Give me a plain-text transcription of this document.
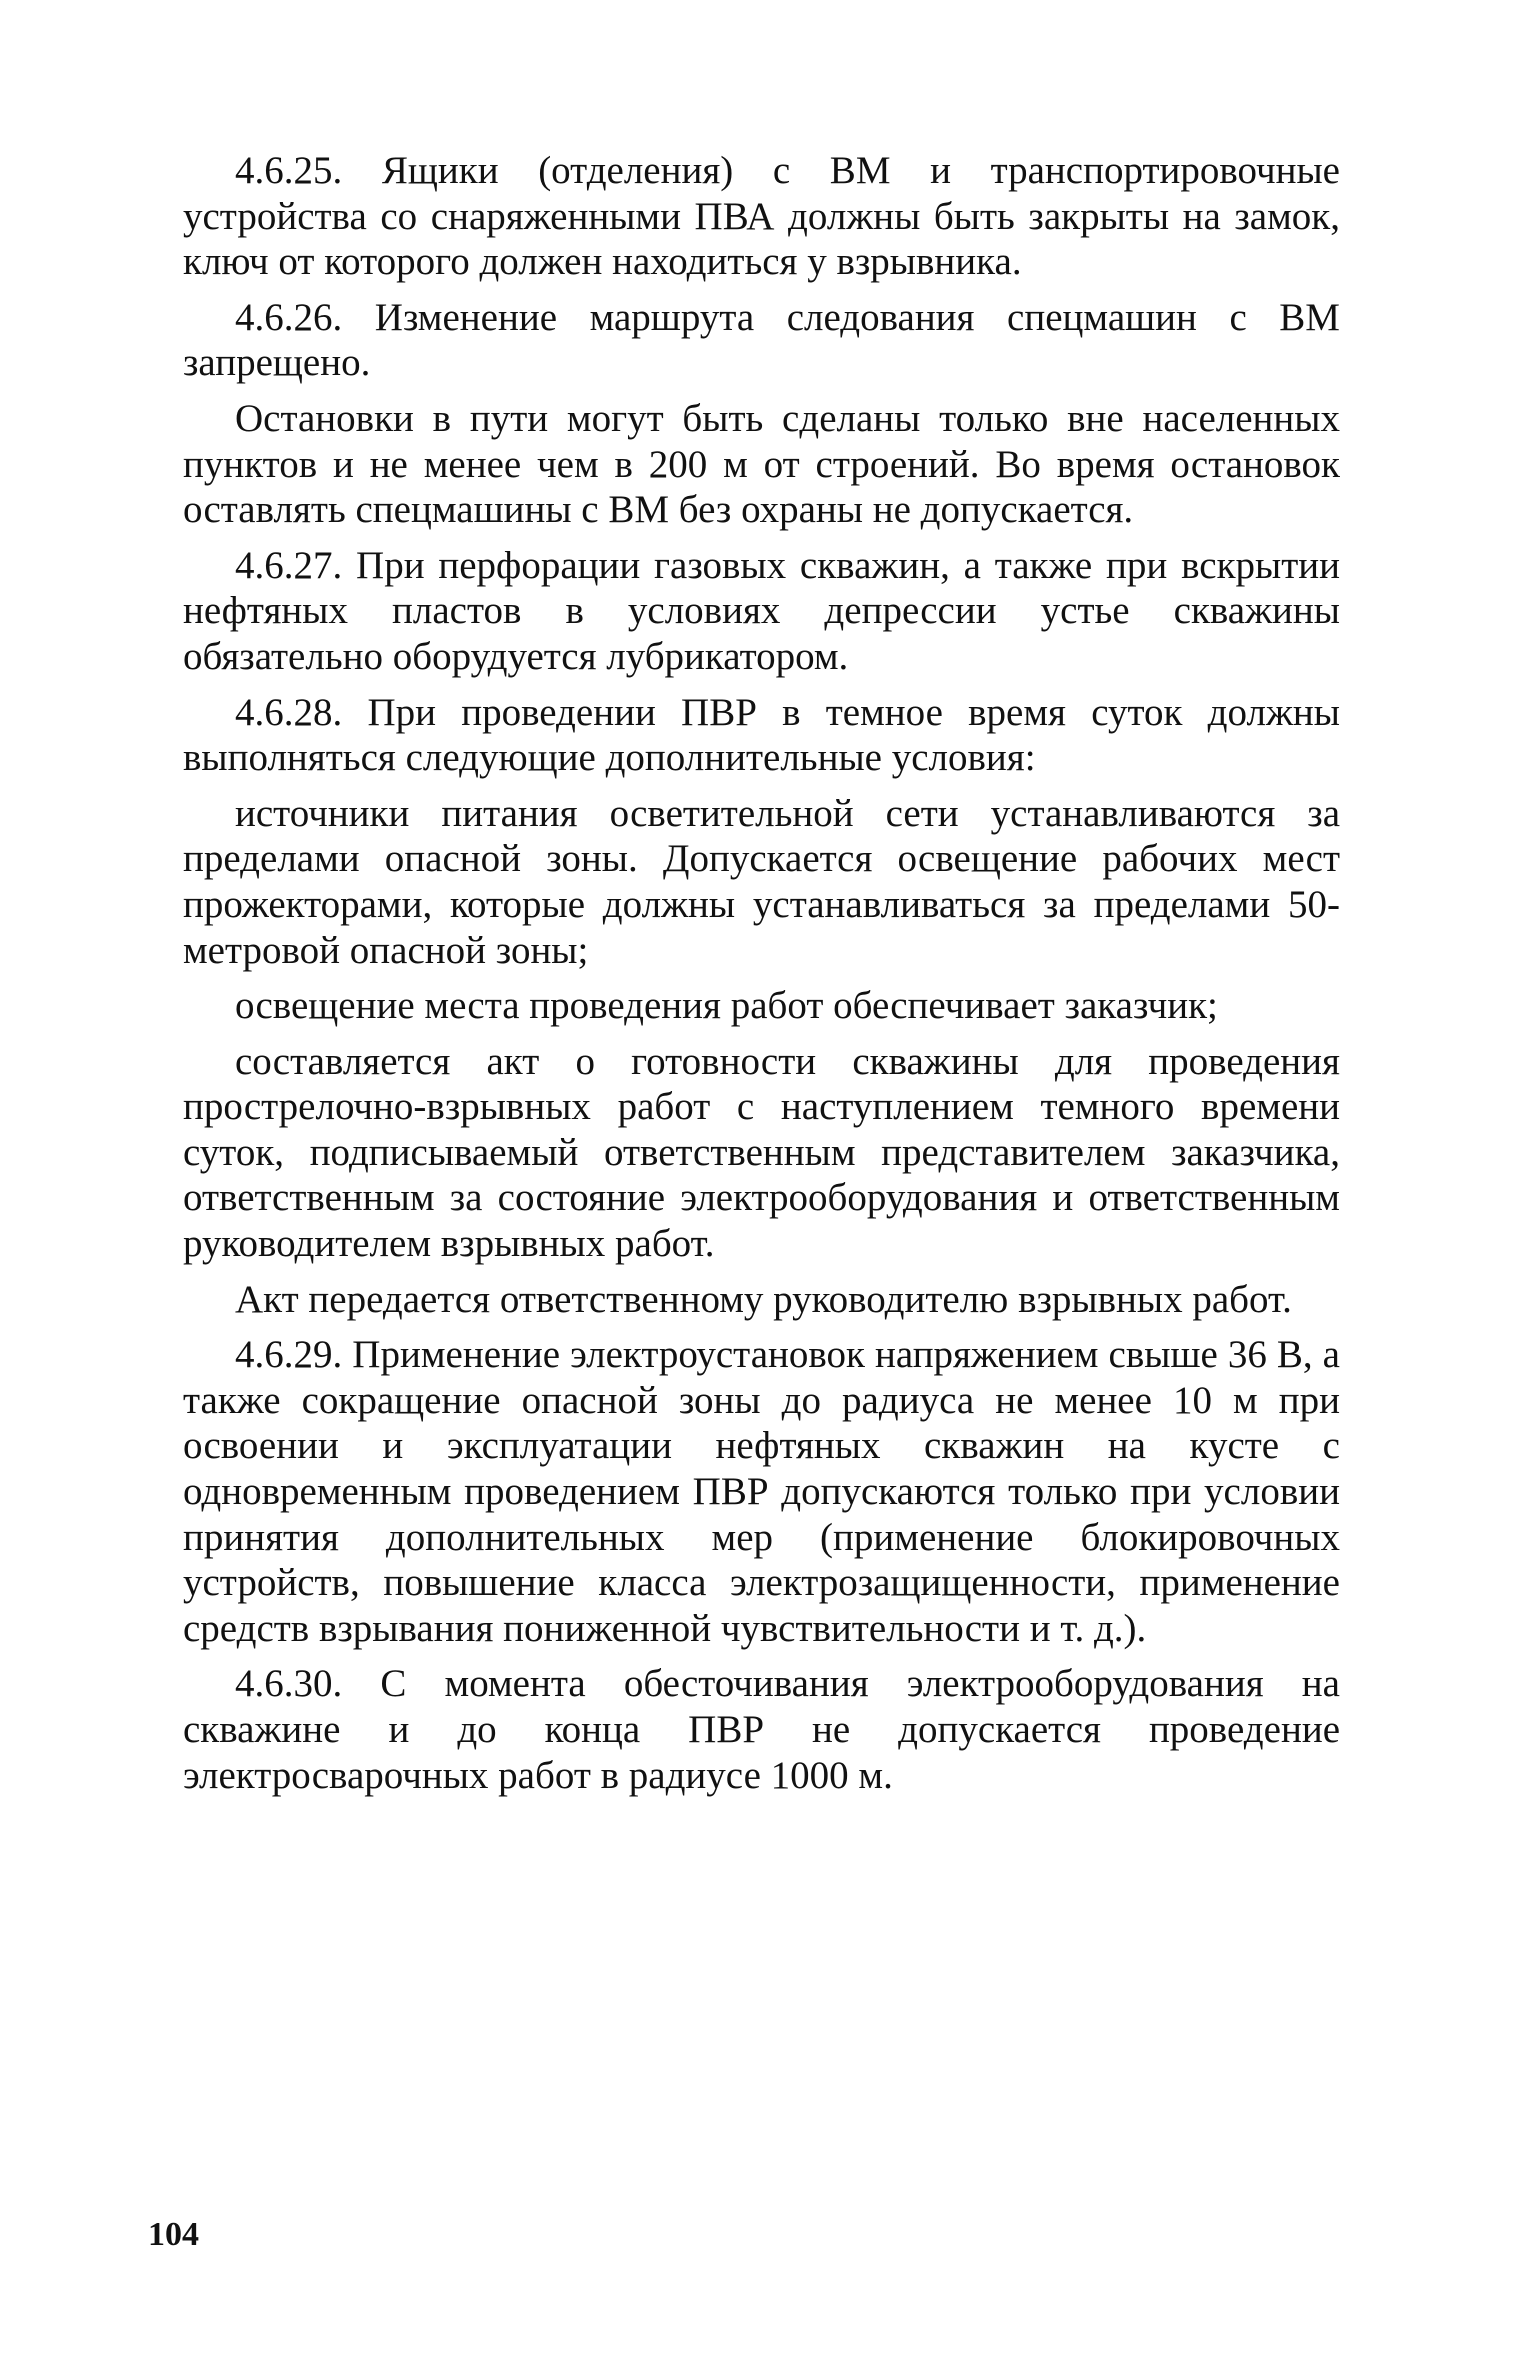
4.6.25. Ящики (отделения) с ВМ и транспортировочные устройства со снаряженными ПВА должны быть закрыты на замок, ключ от которого должен находиться у взрывника.

4.6.26. Изменение маршрута следования спецмашин с ВМ запрещено.

Остановки в пути могут быть сделаны только вне населенных пунктов и не менее чем в 200 м от строений. Во время остановок оставлять спецмашины с ВМ без охраны не допускается.

4.6.27. При перфорации газовых скважин, а также при вскрытии нефтяных пластов в условиях депрессии устье скважины обязательно оборудуется лубрикатором.

4.6.28. При проведении ПВР в темное время суток должны выполняться следующие дополнительные условия:

источники питания осветительной сети устанавливаются за пределами опасной зоны. Допускается освещение рабочих мест прожекторами, которые должны устанавливаться за пределами 50-метровой опасной зоны;

освещение места проведения работ обеспечивает заказчик;

составляется акт о готовности скважины для проведения прострелочно-взрывных работ с наступлением темного времени суток, подписываемый ответственным представителем заказчика, ответственным за состояние электрооборудования и ответственным руководителем взрывных работ.

Акт передается ответственному руководителю взрывных работ.

4.6.29. Применение электроустановок напряжением свыше 36 В, а также сокращение опасной зоны до радиуса не менее 10 м при освоении и эксплуатации нефтяных скважин на кусте с одновременным проведением ПВР допускаются только при условии принятия дополнительных мер (применение блокировочных устройств, повышение класса электрозащищенности, применение средств взрывания пониженной чувствительности и т. д.).

4.6.30. С момента обесточивания электрооборудования на скважине и до конца ПВР не допускается проведение электросварочных работ в радиусе 1000 м.

104
